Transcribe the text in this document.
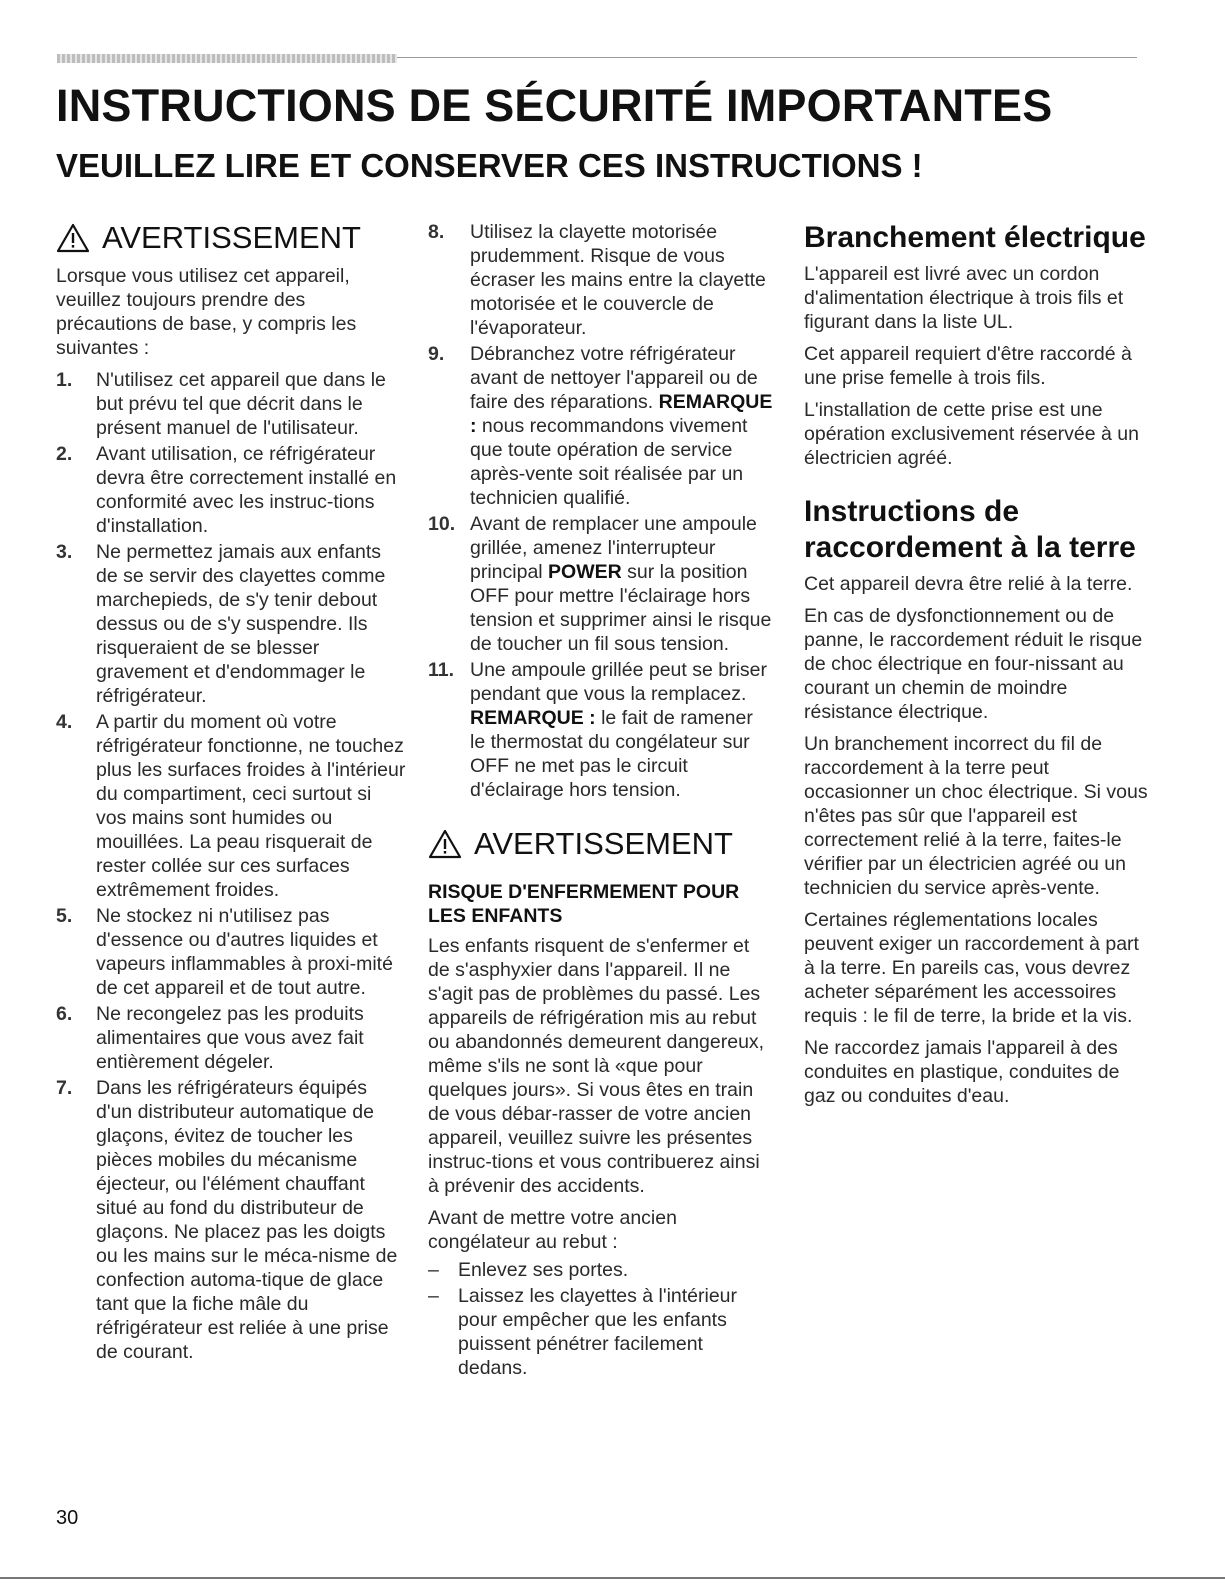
INSTRUCTIONS DE SÉCURITÉ IMPORTANTES
VEUILLEZ LIRE ET CONSERVER CES INSTRUCTIONS !
AVERTISSEMENT

Lorsque vous utilisez cet appareil, veuillez toujours prendre des précautions de base, y compris les suivantes :

1. N'utilisez cet appareil que dans le but prévu tel que décrit dans le présent manuel de l'utilisateur.
2. Avant utilisation, ce réfrigérateur devra être correctement installé en conformité avec les instruc-tions d'installation.
3. Ne permettez jamais aux enfants de se servir des clayettes comme marchepieds, de s'y tenir debout dessus ou de s'y suspendre. Ils risqueraient de se blesser gravement et d'endommager le réfrigérateur.
4. A partir du moment où votre réfrigérateur fonctionne, ne touchez plus les surfaces froides à l'intérieur du compartiment, ceci surtout si vos mains sont humides ou mouillées. La peau risquerait de rester collée sur ces surfaces extrêmement froides.
5. Ne stockez ni n'utilisez pas d'essence ou d'autres liquides et vapeurs inflammables à proxi-mité de cet appareil et de tout autre.
6. Ne recongelez pas les produits alimentaires que vous avez fait entièrement dégeler.
7. Dans les réfrigérateurs équipés d'un distributeur automatique de glaçons, évitez de toucher les pièces mobiles du mécanisme éjecteur, ou l'élément chauffant situé au fond du distributeur de glaçons. Ne placez pas les doigts ou les mains sur le méca-nisme de confection automa-tique de glace tant que la fiche mâle du réfrigérateur est reliée à une prise de courant.
8. Utilisez la clayette motorisée prudemment. Risque de vous écraser les mains entre la clayette motorisée et le couvercle de l'évaporateur.
9. Débranchez votre réfrigérateur avant de nettoyer l'appareil ou de faire des réparations. REMARQUE : nous recommandons vivement que toute opération de service après-vente soit réalisée par un technicien qualifié.
10. Avant de remplacer une ampoule grillée, amenez l'interrupteur principal POWER sur la position OFF pour mettre l'éclairage hors tension et supprimer ainsi le risque de toucher un fil sous tension.
11. Une ampoule grillée peut se briser pendant que vous la remplacez. REMARQUE : le fait de ramener le thermostat du congélateur sur OFF ne met pas le circuit d'éclairage hors tension.
AVERTISSEMENT
RISQUE D'ENFERMEMENT POUR LES ENFANTS

Les enfants risquent de s'enfermer et de s'asphyxier dans l'appareil. Il ne s'agit pas de problèmes du passé. Les appareils de réfrigération mis au rebut ou abandonnés demeurent dangereux, même s'ils ne sont là «que pour quelques jours». Si vous êtes en train de vous débar-rasser de votre ancien appareil, veuillez suivre les présentes instruc-tions et vous contribuerez ainsi à prévenir des accidents.

Avant de mettre votre ancien congélateur au rebut :

– Enlevez ses portes.
– Laissez les clayettes à l'intérieur pour empêcher que les enfants puissent pénétrer facilement dedans.
Branchement électrique

L'appareil est livré avec un cordon d'alimentation électrique à trois fils et figurant dans la liste UL.

Cet appareil requiert d'être raccordé à une prise femelle à trois fils.

L'installation de cette prise est une opération exclusivement réservée à un électricien agréé.

Instructions de raccordement à la terre

Cet appareil devra être relié à la terre.

En cas de dysfonctionnement ou de panne, le raccordement réduit le risque de choc électrique en four-nissant au courant un chemin de moindre résistance électrique.

Un branchement incorrect du fil de raccordement à la terre peut occasionner un choc électrique. Si vous n'êtes pas sûr que l'appareil est correctement relié à la terre, faites-le vérifier par un électricien agréé ou un technicien du service après-vente.

Certaines réglementations locales peuvent exiger un raccordement à part à la terre. En pareils cas, vous devrez acheter séparément les accessoires requis : le fil de terre, la bride et la vis.

Ne raccordez jamais l'appareil à des conduites en plastique, conduites de gaz ou conduites d'eau.

30
